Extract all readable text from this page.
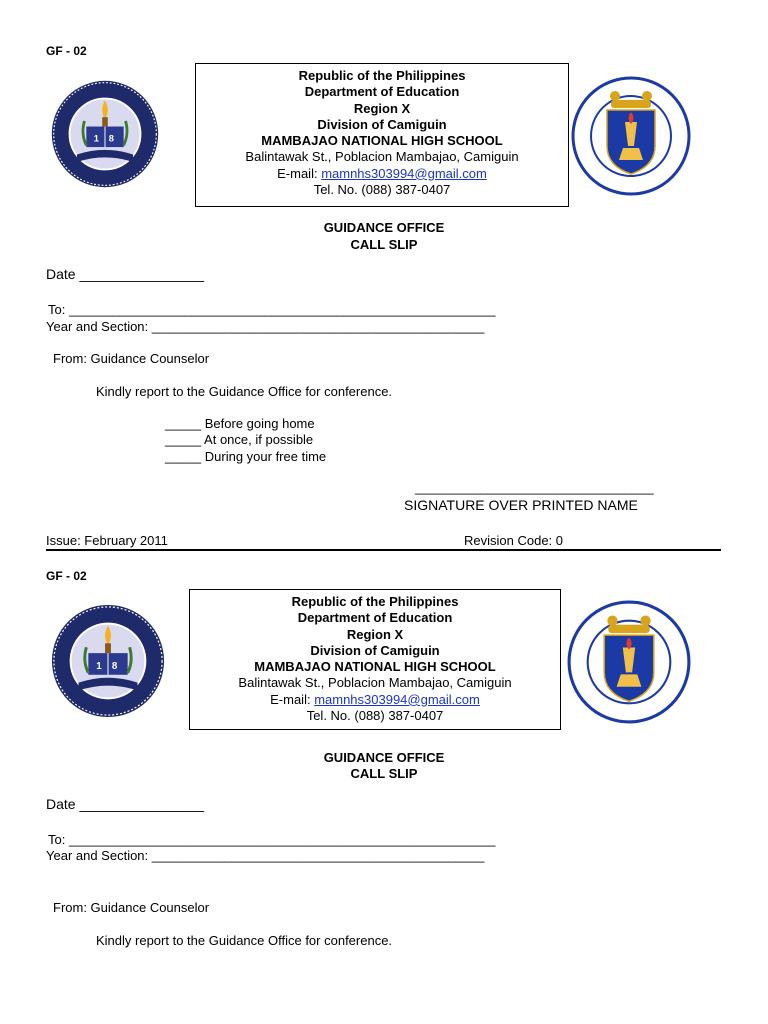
GF - 02
Republic of the Philippines
Department of Education
Region X
Division of Camiguin
MAMBAJAO NATIONAL HIGH SCHOOL
Balintawak St., Poblacion Mambajao, Camiguin
E-mail: mamnhs303994@gmail.com
Tel. No. (088) 387-0407
GUIDANCE OFFICE
CALL SLIP
Date ________________
To: ___________________________________________________________
Year and Section: ______________________________________________
From: Guidance Counselor
Kindly report to the Guidance Office for conference.
_____ Before going home
_____ At once, if possible
_____ During your free time
_________________________________
SIGNATURE OVER PRINTED NAME
Issue: February 2011	Revision Code: 0
GF - 02
Republic of the Philippines
Department of Education
Region X
Division of Camiguin
MAMBAJAO NATIONAL HIGH SCHOOL
Balintawak St., Poblacion Mambajao, Camiguin
E-mail: mamnhs303994@gmail.com
Tel. No. (088) 387-0407
GUIDANCE OFFICE
CALL SLIP
Date ________________
To: ___________________________________________________________
Year and Section: ______________________________________________
From: Guidance Counselor
Kindly report to the Guidance Office for conference.
